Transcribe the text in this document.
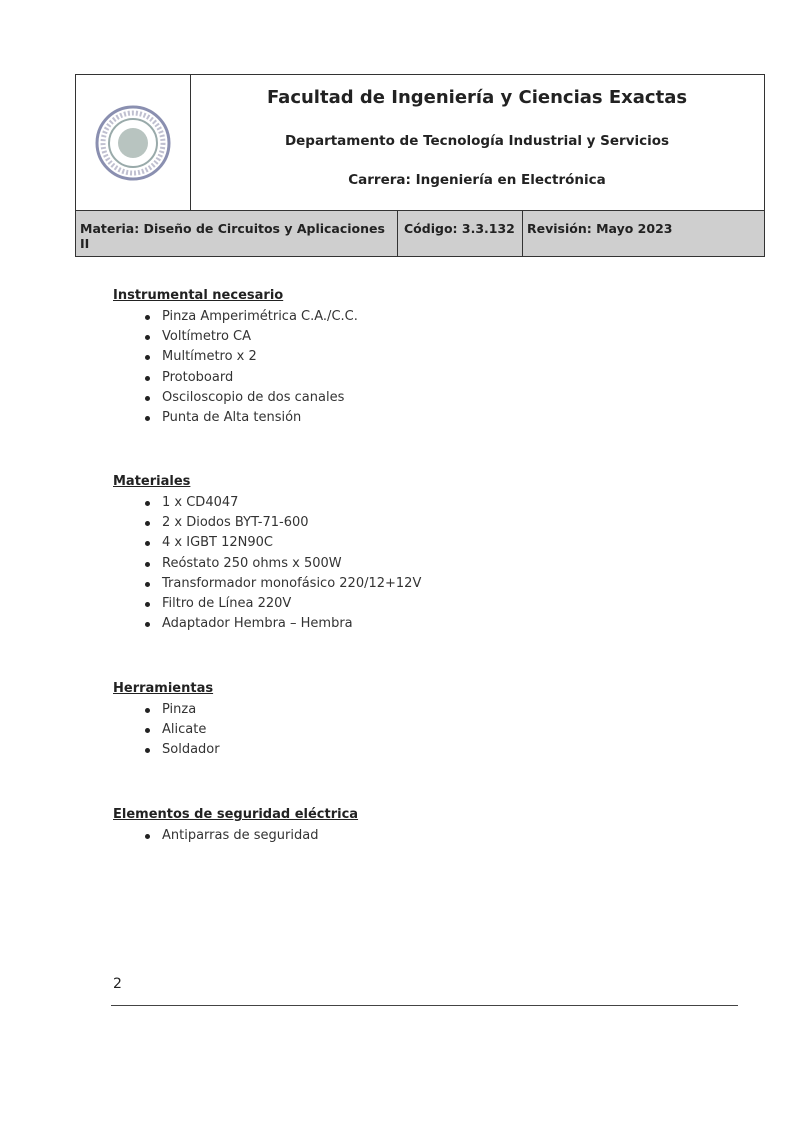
Facultad de Ingeniería y Ciencias Exactas
Departamento de Tecnología Industrial y Servicios
Carrera: Ingeniería en Electrónica
Materia: Diseño de Circuitos y Aplicaciones II
Código: 3.3.132 Revisión: Mayo 2023
Instrumental necesario
Pinza Amperimétrica C.A./C.C.
Voltímetro CA
Multímetro x 2
Protoboard
Osciloscopio de dos canales
Punta de Alta tensión
Materiales
1 x CD4047
2 x Diodos BYT-71-600
4 x IGBT 12N90C
Reóstato 250 ohms x 500W
Transformador monofásico 220/12+12V
Filtro de Línea 220V
Adaptador Hembra – Hembra
Herramientas
Pinza
Alicate
Soldador
Elementos de seguridad eléctrica
Antiparras de seguridad
2
